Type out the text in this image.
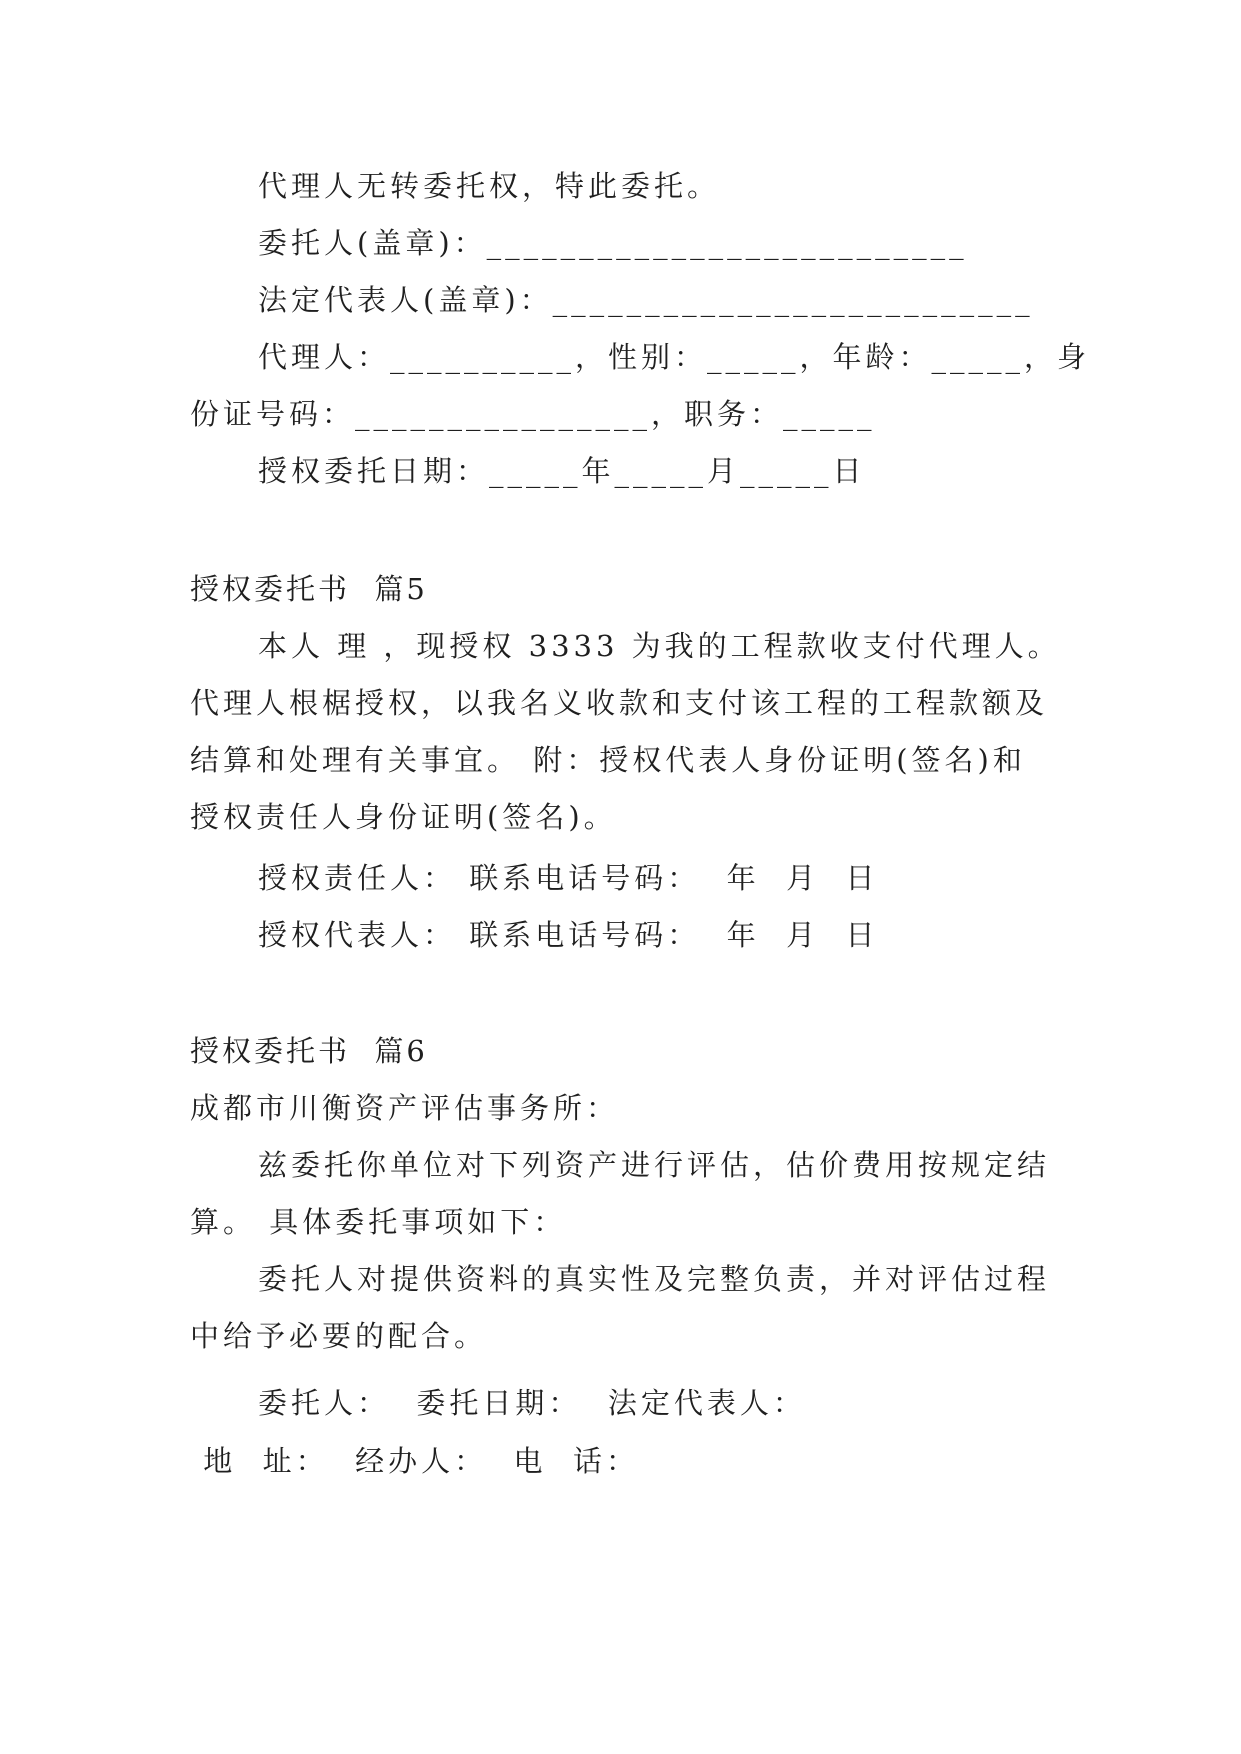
代理人无转委托权，特此委托。
委托人(盖章)：__________________________
法定代表人(盖章)：__________________________
代理人：__________，性别：_____，年龄：_____，身
份证号码：________________，职务：_____
授权委托日期：_____年_____月_____日
授权委托书  篇5
本人 理 ，现授权 3333 为我的工程款收支付代理人。
代理人根椐授权，以我名义收款和支付该工程的工程款额及
结算和处理有关事宜。 附：授权代表人身份证明(签名)和
授权责任人身份证明(签名)。
授权责任人： 联系电话号码：  年  月  日
授权代表人： 联系电话号码：  年  月  日
授权委托书  篇6
成都市川衡资产评估事务所：
兹委托你单位对下列资产进行评估，估价费用按规定结
算。 具体委托事项如下：
委托人对提供资料的真实性及完整负责，并对评估过程
中给予必要的配合。
委托人：  委托日期：  法定代表人：
地  址：  经办人：  电  话：
